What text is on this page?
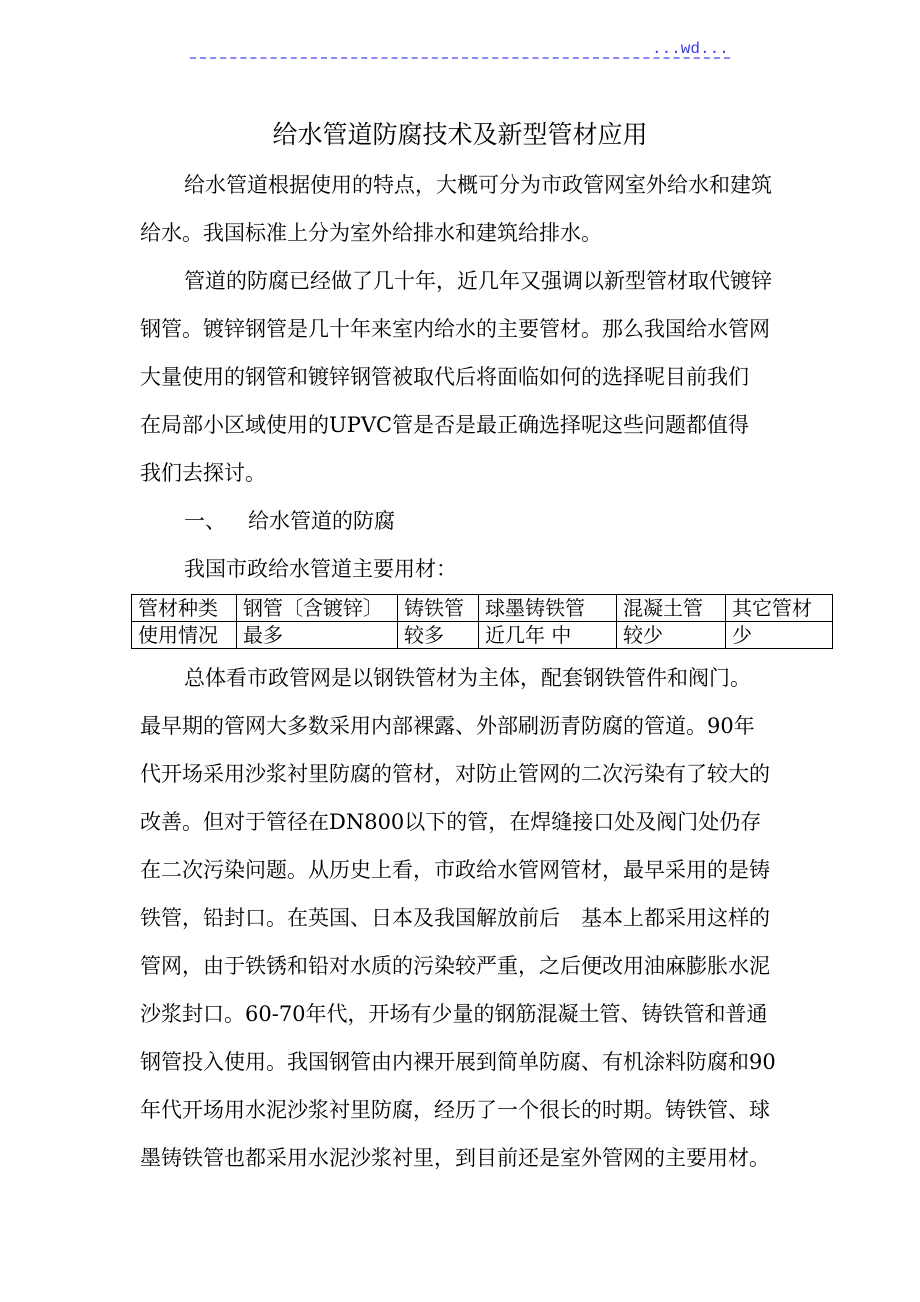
...wd...
给水管道防腐技术及新型管材应用
给水管道根据使用的特点，大概可分为市政管网室外给水和建筑
给水。我国标准上分为室外给排水和建筑给排水。
管道的防腐已经做了几十年，近几年又强调以新型管材取代镀锌
钢管。镀锌钢管是几十年来室内给水的主要管材。那么我国给水管网
大量使用的钢管和镀锌钢管被取代后将面临如何的选择呢目前我们
在局部小区域使用的UPVC管是否是最正确选择呢这些问题都值得
我们去探讨。
一、 给水管道的防腐
我国市政给水管道主要用材：
管材种类	钢管〔含镀锌〕	铸铁管	球墨铸铁管	混凝土管	其它管材
使用情况	最多	较多	近几年 中	较少	少
总体看市政管网是以钢铁管材为主体，配套钢铁管件和阀门。
最早期的管网大多数采用内部裸露、外部刷沥青防腐的管道。90年
代开场采用沙浆衬里防腐的管材，对防止管网的二次污染有了较大的
改善。但对于管径在DN800以下的管，在焊缝接口处及阀门处仍存
在二次污染问题。从历史上看，市政给水管网管材，最早采用的是铸
铁管，铅封口。在英国、日本及我国解放前后　基本上都采用这样的
管网，由于铁锈和铅对水质的污染较严重，之后便改用油麻膨胀水泥
沙浆封口。60-70年代，开场有少量的钢筋混凝土管、铸铁管和普通
钢管投入使用。我国钢管由内裸开展到简单防腐、有机涂料防腐和90
年代开场用水泥沙浆衬里防腐，经历了一个很长的时期。铸铁管、球
墨铸铁管也都采用水泥沙浆衬里，到目前还是室外管网的主要用材。
